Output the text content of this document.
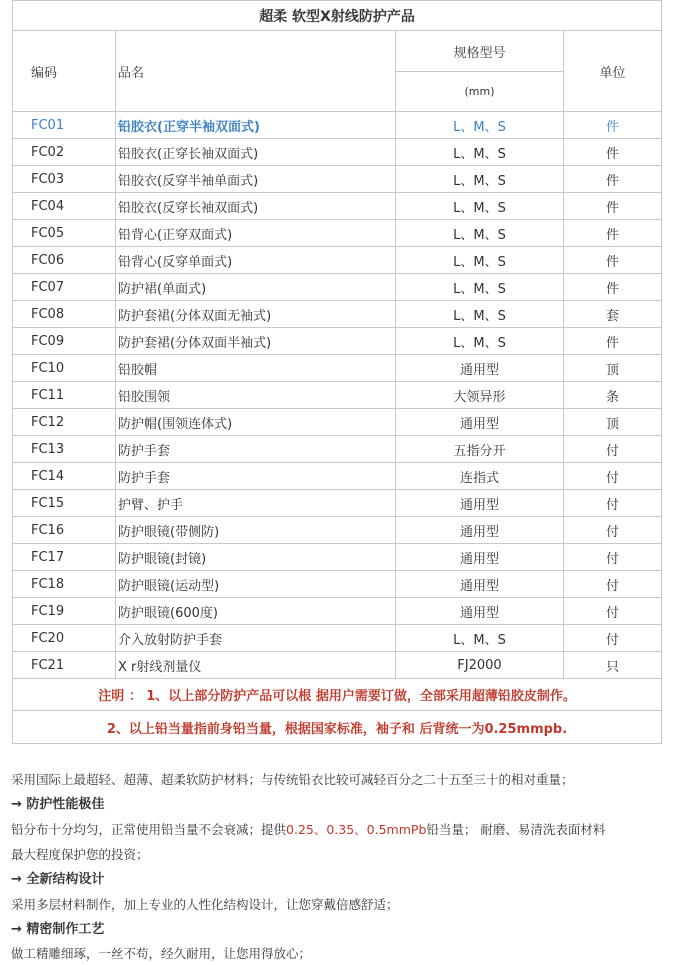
超柔 软型X射线防护产品			
编码	品名	规格型号	单位
		(mm)	
FC01	铅胶衣(正穿半袖双面式)	L、M、S	件
FC02	铅胶衣(正穿长袖双面式)	L、M、S	件
FC03	铅胶衣(反穿半袖单面式)	L、M、S	件
FC04	铅胶衣(反穿长袖双面式)	L、M、S	件
FC05	铅背心(正穿双面式)	L、M、S	件
FC06	铅背心(反穿单面式)	L、M、S	件
FC07	防护裙(单面式)	L、M、S	件
FC08	防护套裙(分体双面无袖式)	L、M、S	套
FC09	防护套裙(分体双面半袖式)	L、M、S	件
FC10	铅胶帽	通用型	顶
FC11	铅胶围领	大领异形	条
FC12	防护帽(围领连体式)	通用型	顶
FC13	防护手套	五指分开	付
FC14	防护手套	连指式	付
FC15	护臂、护手	通用型	付
FC16	防护眼镜(带侧防)	通用型	付
FC17	防护眼镜(封镜)	通用型	付
FC18	防护眼镜(运动型)	通用型	付
FC19	防护眼镜(600度)	通用型	付
FC20	介入放射防护手套	L、M、S	付
FC21	X r射线剂量仪	FJ2000	只
注明 ： 1、以上部分防护产品可以根 据用户需要订做，全部采用超薄铅胶皮制作。			
2、以上铅当量指前身铅当量，根据国家标准，袖子和 后背统一为0.25mmpb.			
采用国际上最超轻、超薄、超柔软防护材料；与传统铅衣比较可减轻百分之二十五至三十的相对重量；
→ 防护性能极佳
铅分布十分均匀，正常使用铅当量不会衰减；提供0.25、0.35、0.5mmPb铅当量； 耐磨、易清洗表面材料
最大程度保护您的投资；
→ 全新结构设计
采用多层材料制作，加上专业的人性化结构设计，让您穿戴倍感舒适；
→ 精密制作工艺
做工精雕细琢，一丝不苟，经久耐用，让您用得放心；
